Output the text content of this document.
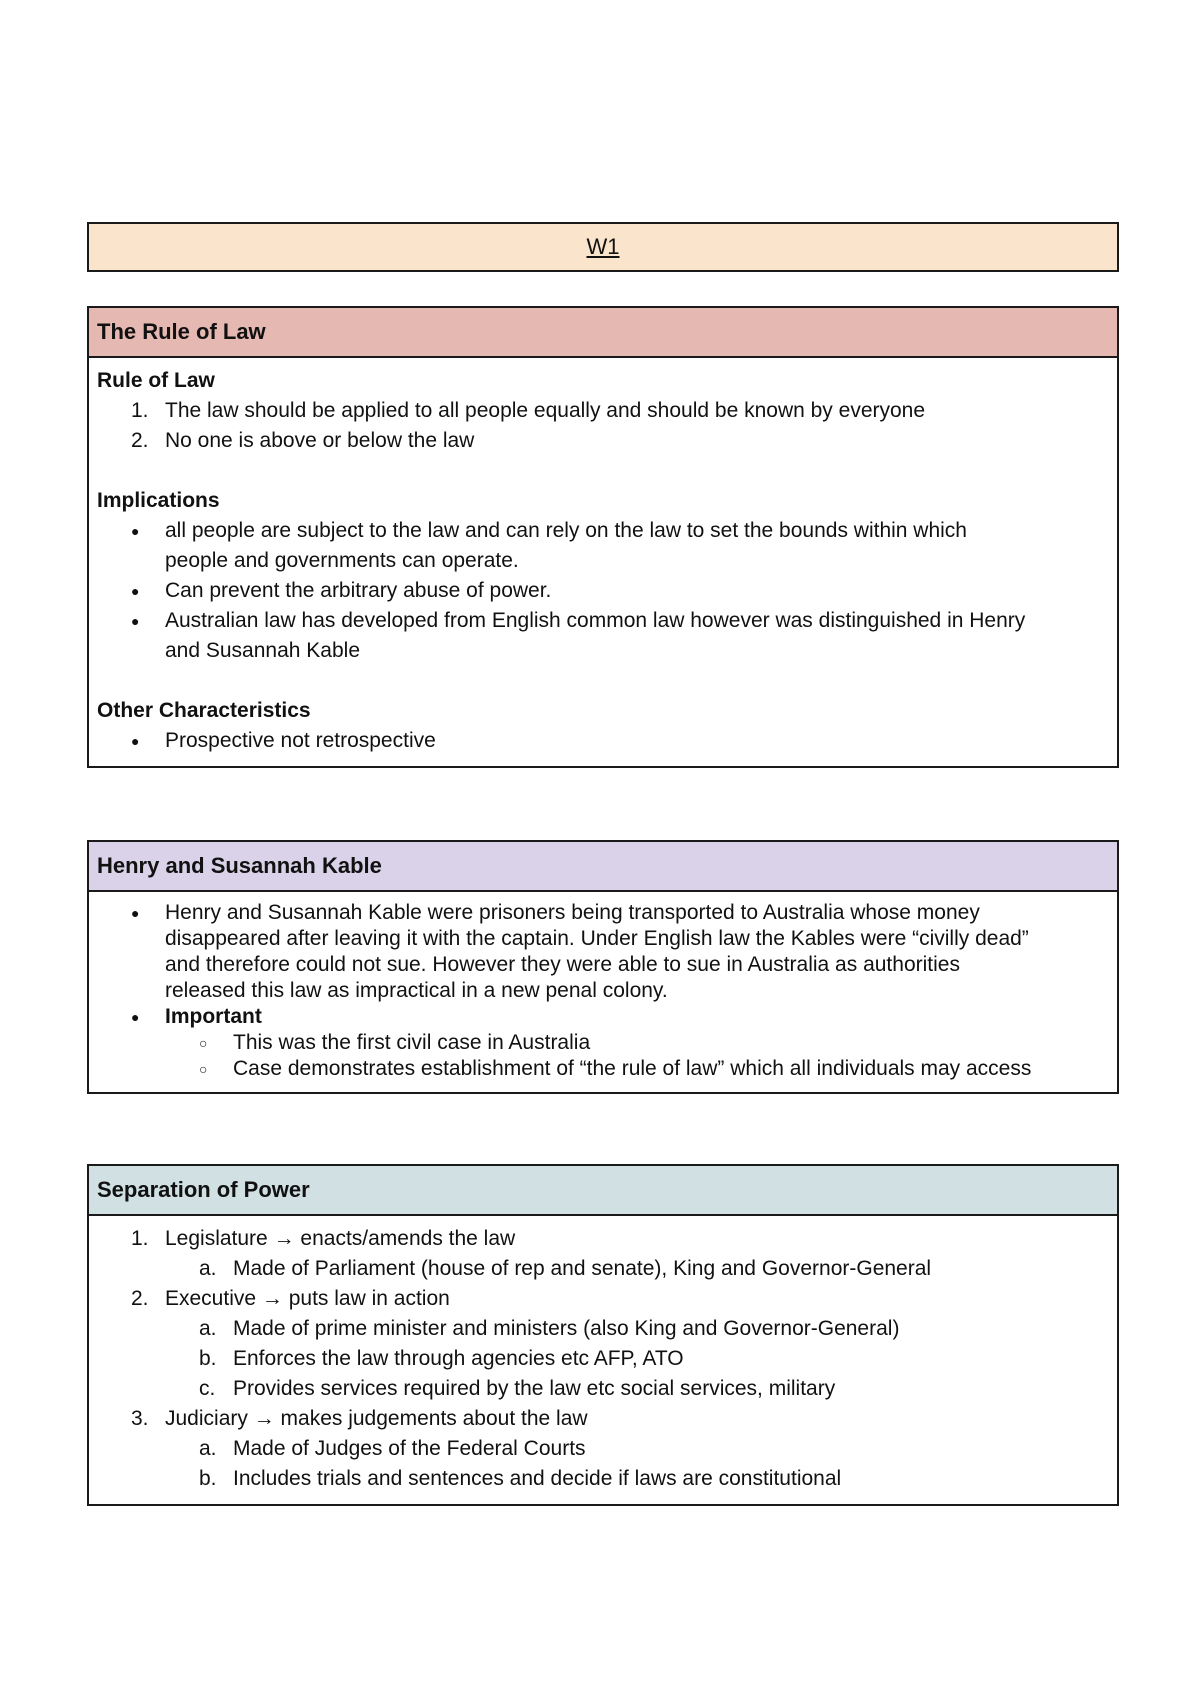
W1
The Rule of Law
Rule of Law
1. The law should be applied to all people equally and should be known by everyone
2. No one is above or below the law
Implications
●	all people are subject to the law and can rely on the law to set the bounds within which
people and governments can operate.
●	Can prevent the arbitrary abuse of power.
●	Australian law has developed from English common law however was distinguished in Henry
and Susannah Kable
Other Characteristics
●	Prospective not retrospective
Henry and Susannah Kable
●	Henry and Susannah Kable were prisoners being transported to Australia whose money
disappeared after leaving it with the captain. Under English law the Kables were “civilly dead”
and therefore could not sue. However they were able to sue in Australia as authorities
released this law as impractical in a new penal colony.
●	Important
○	This was the first civil case in Australia
○	Case demonstrates establishment of “the rule of law” which all individuals may access
Separation of Power
1. Legislature → enacts/amends the law
a. Made of Parliament (house of rep and senate), King and Governor-General
2. Executive → puts law in action
a. Made of prime minister and ministers (also King and Governor-General)
b. Enforces the law through agencies etc AFP, ATO
c. Provides services required by the law etc social services, military
3. Judiciary → makes judgements about the law
a. Made of Judges of the Federal Courts
b. Includes trials and sentences and decide if laws are constitutional
